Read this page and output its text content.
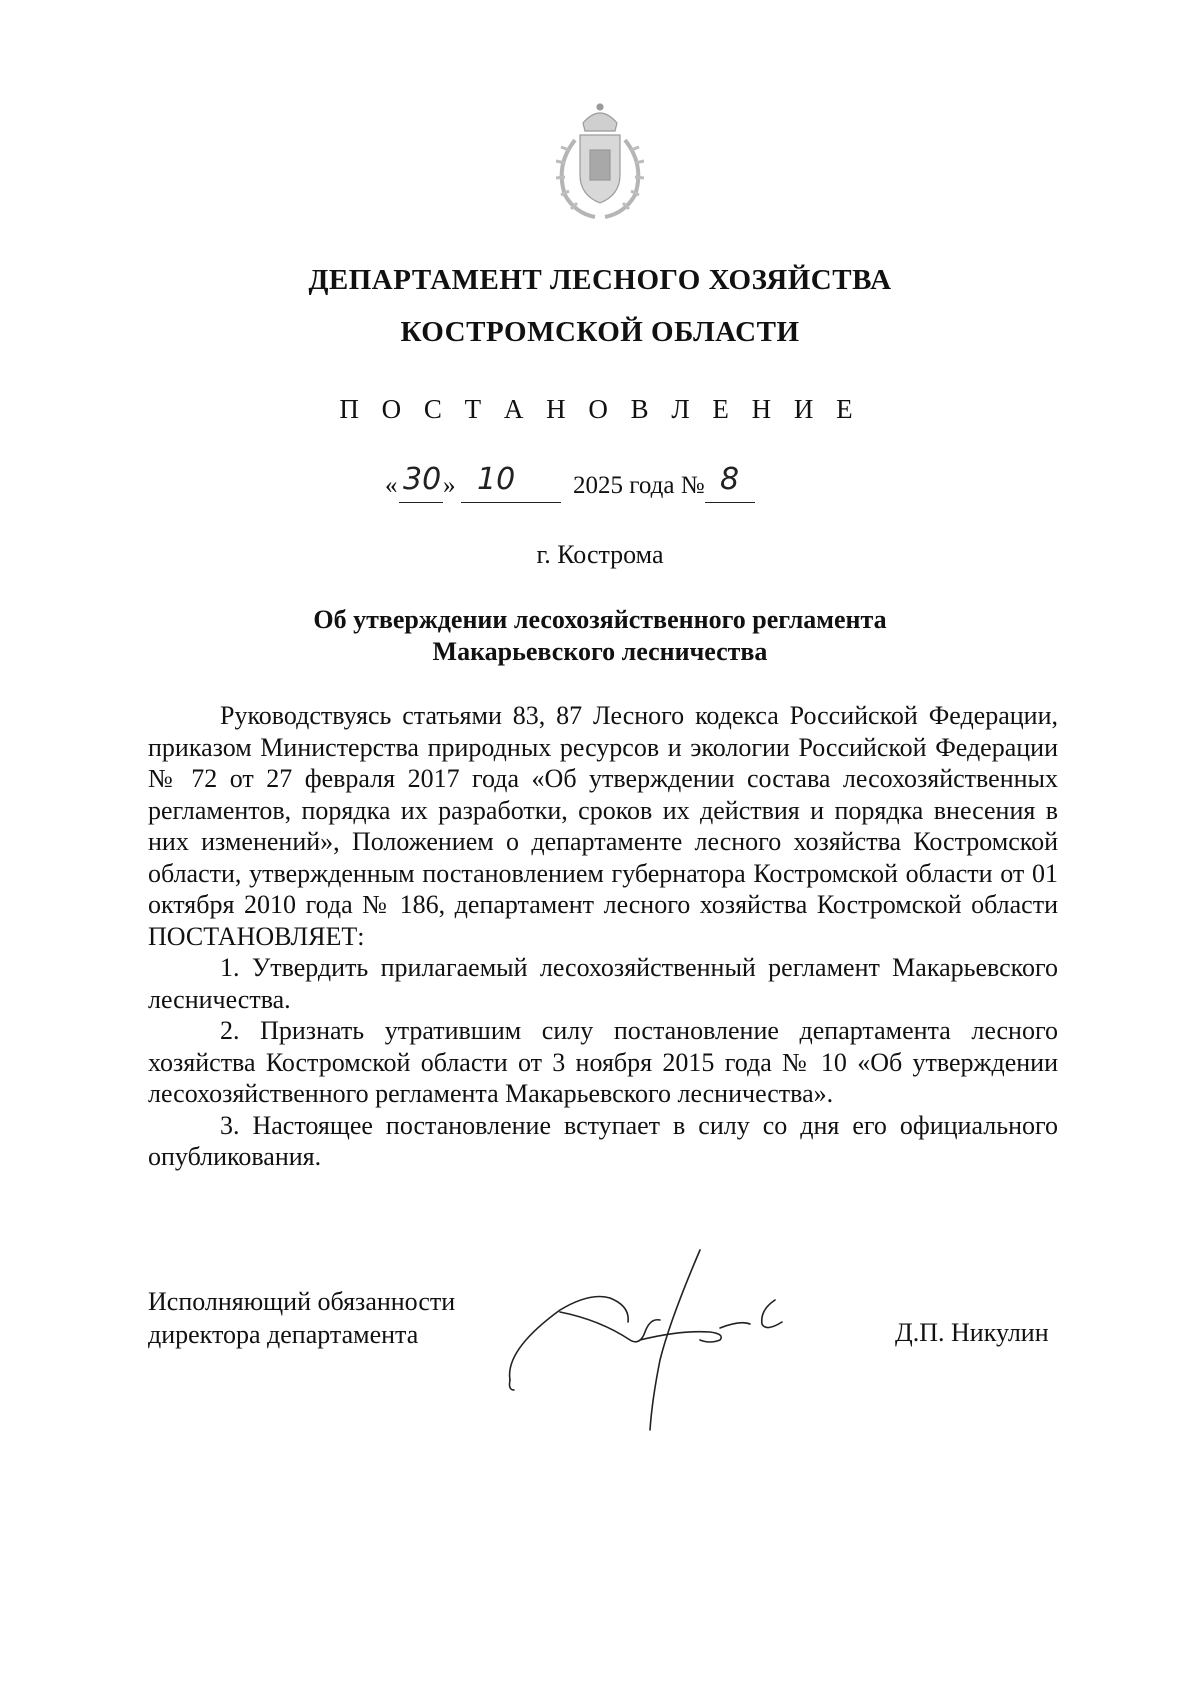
ДЕПАРТАМЕНТ ЛЕСНОГО ХОЗЯЙСТВА
КОСТРОМСКОЙ ОБЛАСТИ
П О С Т А Н О В Л Е Н И Е
« 30 » 10 2025 года № 8
г. Кострома
Об утверждении лесохозяйственного регламента
Макарьевского лесничества

Руководствуясь статьями 83, 87 Лесного кодекса Российской Федерации, приказом Министерства природных ресурсов и экологии Российской Федерации № 72 от 27 февраля 2017 года «Об утверждении состава лесохозяйственных регламентов, порядка их разработки, сроков их действия и порядка внесения в них изменений», Положением о департаменте лесного хозяйства Костромской области, утвержденным постановлением губернатора Костромской области от 01 октября 2010 года № 186, департамент лесного хозяйства Костромской области ПОСТАНОВЛЯЕТ:

1. Утвердить прилагаемый лесохозяйственный регламент Макарьевского лесничества.

2. Признать утратившим силу постановление департамента лесного хозяйства Костромской области от 3 ноября 2015 года № 10 «Об утверждении лесохозяйственного регламента Макарьевского лесничества».

3. Настоящее постановление вступает в силу со дня его официального опубликования.

Исполняющий обязанности
директора департамента	Д.П. Никулин
